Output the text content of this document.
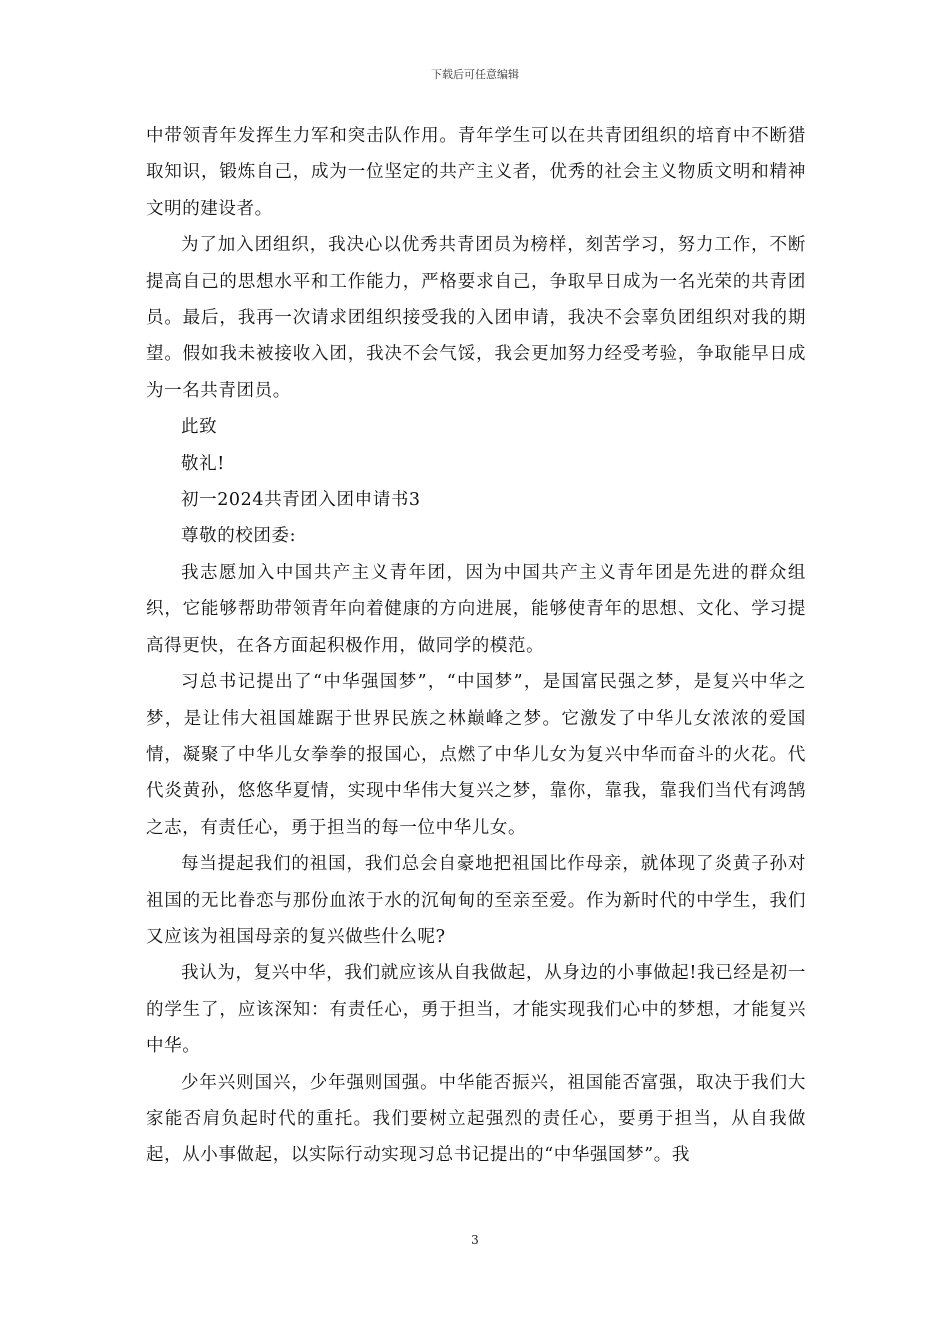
下载后可任意编辑

中带领青年发挥生力军和突击队作用。青年学生可以在共青团组织的培育中不断猎取知识，锻炼自己，成为一位坚定的共产主义者，优秀的社会主义物质文明和精神文明的建设者。

为了加入团组织，我决心以优秀共青团员为榜样，刻苦学习，努力工作，不断提高自己的思想水平和工作能力，严格要求自己，争取早日成为一名光荣的共青团员。最后，我再一次请求团组织接受我的入团申请，我决不会辜负团组织对我的期望。假如我未被接收入团，我决不会气馁，我会更加努力经受考验，争取能早日成为一名共青团员。

此致

敬礼!

初一2024共青团入团申请书3

尊敬的校团委:

我志愿加入中国共产主义青年团，因为中国共产主义青年团是先进的群众组织，它能够帮助带领青年向着健康的方向进展，能够使青年的思想、文化、学习提高得更快，在各方面起积极作用，做同学的模范。

习总书记提出了“中华强国梦”，“中国梦”，是国富民强之梦，是复兴中华之梦，是让伟大祖国雄踞于世界民族之林巅峰之梦。它激发了中华儿女浓浓的爱国情，凝聚了中华儿女拳拳的报国心，点燃了中华儿女为复兴中华而奋斗的火花。代代炎黄孙，悠悠华夏情，实现中华伟大复兴之梦，靠你，靠我，靠我们当代有鸿鹄之志，有责任心，勇于担当的每一位中华儿女。

每当提起我们的祖国，我们总会自豪地把祖国比作母亲，就体现了炎黄子孙对祖国的无比眷恋与那份血浓于水的沉甸甸的至亲至爱。作为新时代的中学生，我们又应该为祖国母亲的复兴做些什么呢?

我认为，复兴中华，我们就应该从自我做起，从身边的小事做起!我已经是初一的学生了，应该深知：有责任心，勇于担当，才能实现我们心中的梦想，才能复兴中华。

少年兴则国兴，少年强则国强。中华能否振兴，祖国能否富强，取决于我们大家能否肩负起时代的重托。我们要树立起强烈的责任心，要勇于担当，从自我做起，从小事做起，以实际行动实现习总书记提出的“中华强国梦”。我

3
